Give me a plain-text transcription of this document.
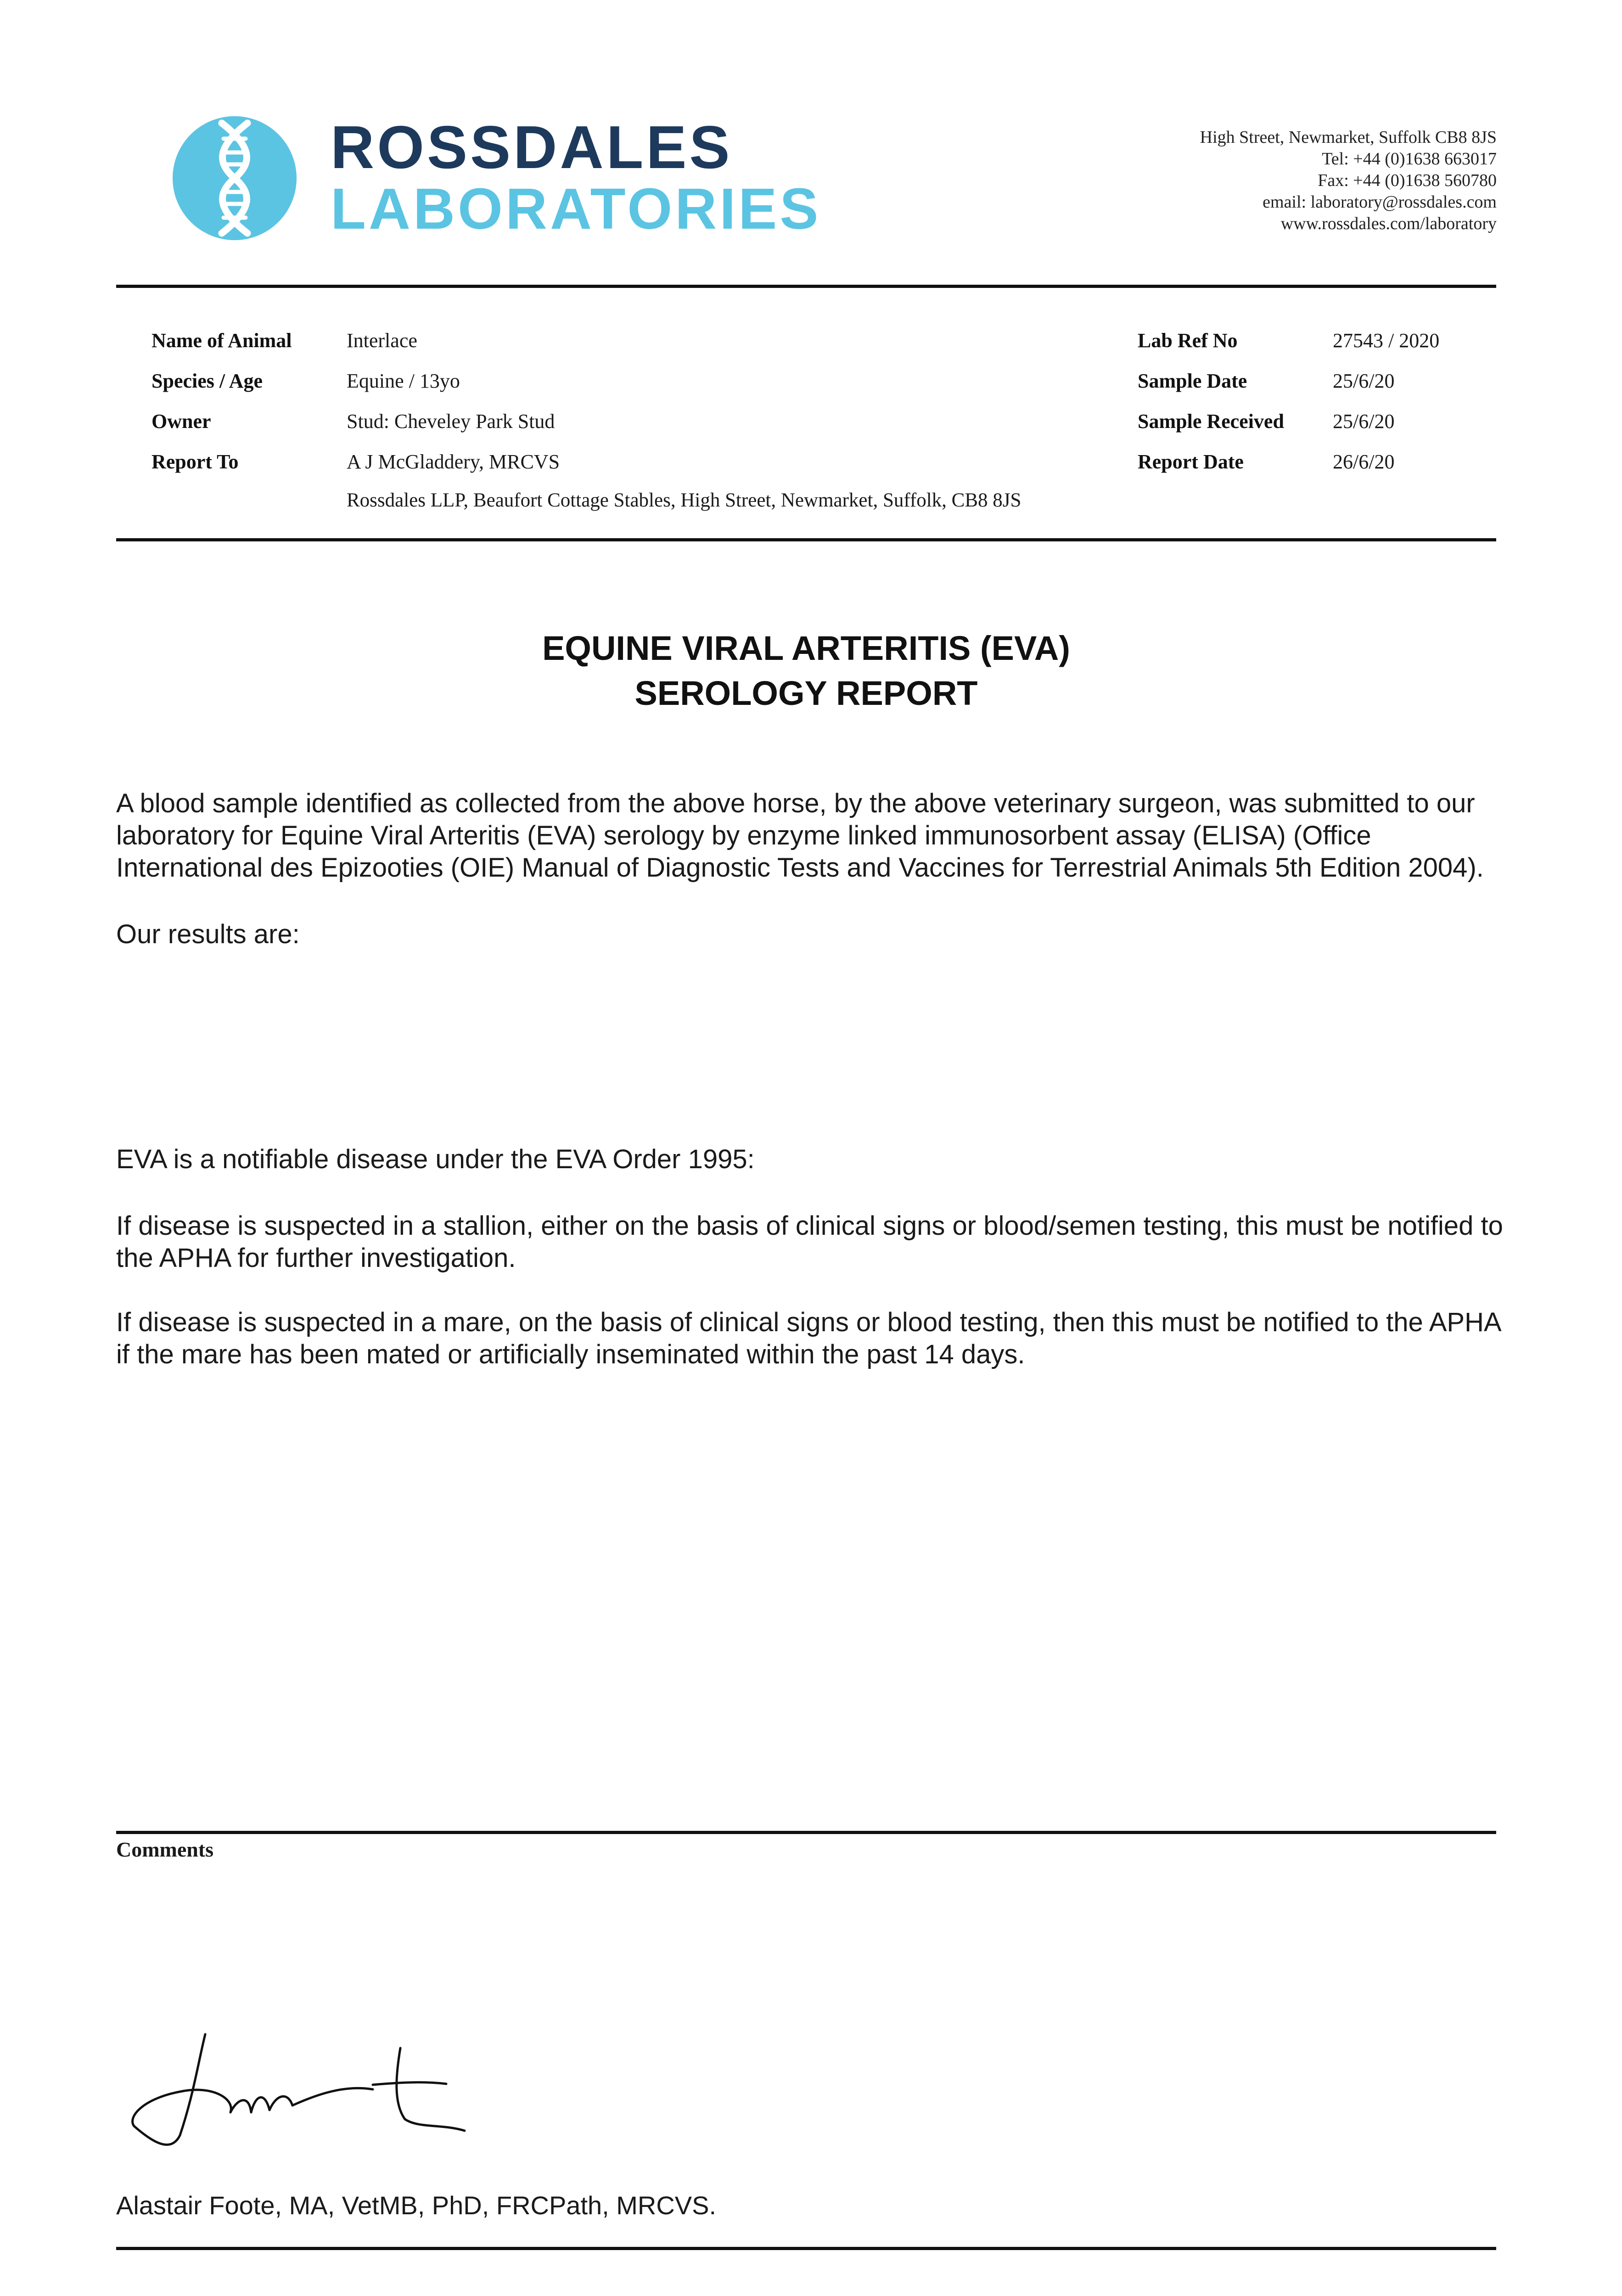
ROSSDALES
LABORATORIES
High Street, Newmarket, Suffolk CB8 8JS
Tel: +44 (0)1638 663017
Fax: +44 (0)1638 560780
email: laboratory@rossdales.com
www.rossdales.com/laboratory
Name of Animal	Interlace
Species / Age	Equine / 13yo
Owner	Stud: Cheveley Park Stud
Report To	A J McGladdery, MRCVS
Rossdales LLP, Beaufort Cottage Stables, High Street, Newmarket, Suffolk, CB8 8JS
Lab Ref No	27543 / 2020
Sample Date	25/6/20
Sample Received 25/6/20
Report Date	26/6/20
EQUINE VIRAL ARTERITIS (EVA)
SEROLOGY REPORT
A blood sample identified as collected from the above horse, by the above veterinary surgeon, was submitted to our
laboratory for Equine Viral Arteritis (EVA) serology by enzyme linked immunosorbent assay (ELISA) (Office
International des Epizooties (OIE) Manual of Diagnostic Tests and Vaccines for Terrestrial Animals 5th Edition 2004).
Our results are:
EVA is a notifiable disease under the EVA Order 1995:
If disease is suspected in a stallion, either on the basis of clinical signs or blood/semen testing, this must be notified to
the APHA for further investigation.
If disease is suspected in a mare, on the basis of clinical signs or blood testing, then this must be notified to the APHA
if the mare has been mated or artificially inseminated within the past 14 days.
Comments
Alastair Foote, MA, VetMB, PhD, FRCPath, MRCVS.
